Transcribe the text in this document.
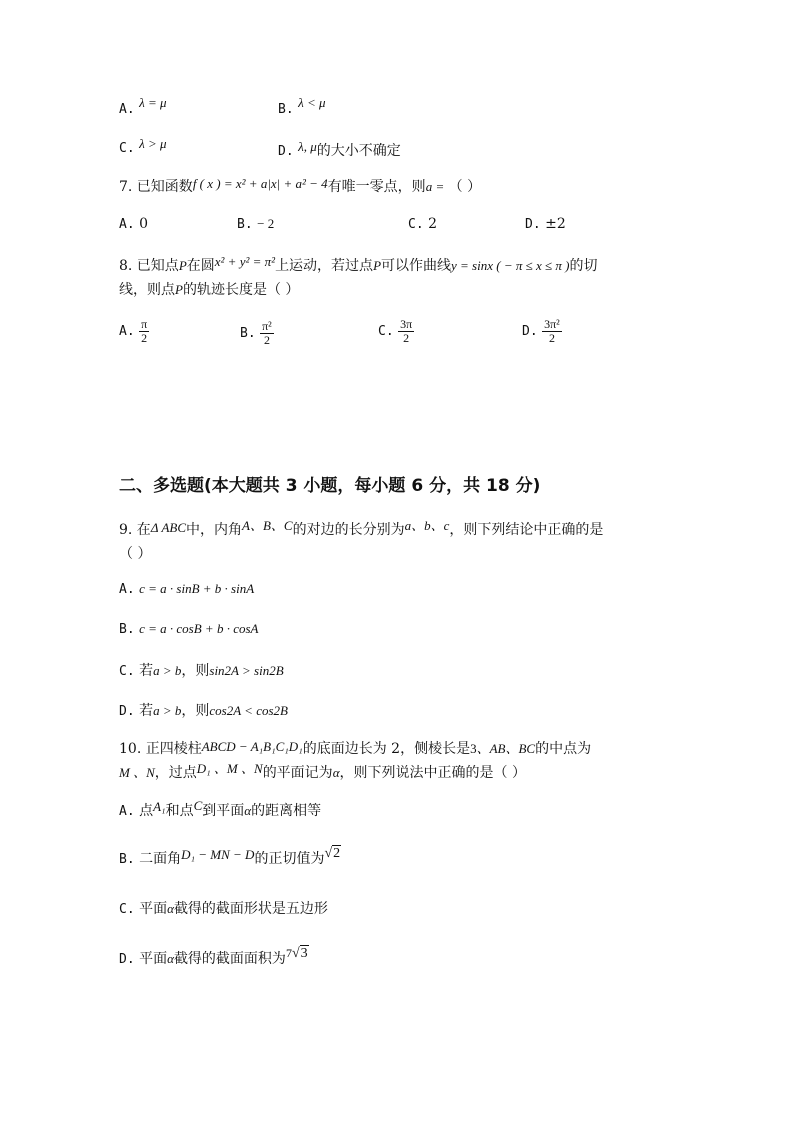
A. λ = μ	B. λ < μ
C. λ > μ
D. λ, μ的大小不确定
7. 已知函数f ( x ) = x² + a|x| + a² − 4有唯一零点，则a = （ ）
A. 0	B. − 2	C. 2	D. ±2
8. 已知点P在圆x² + y² = π²上运动，若过点P可以作曲线y = sinx ( − π ≤ x ≤ π )的切
线，则点P的轨迹长度是（ ）
A. $\frac{\pi}{2}$	B. $\frac{\text{π²}}{2}$	C. $\frac{3\pi}{2}$	D. $\frac{\text{3π²}}{2}$
二、多选题(本大题共 3 小题，每小题 6 分，共 18 分)
9. 在Δ ABC中，内角A、B、C的对边的长分别为a、b、c，则下列结论中正确的是
（ ）
A. c = a · sinB + b · sinA
B. c = a · cosB + b · cosA
C. 若a > b，则sin2A > sin2B
D. 若a > b，则cos2A < cos2B
10. 正四棱柱ABCD − A₁B₁C₁D₁的底面边长为 2，侧棱长是3、AB、BC的中点为
M 、N，过点D₁ 、M 、N的平面记为α，则下列说法中正确的是（ ）
A. 点A₁和点C到平面α的距离相等
B. 二面角D₁ − MN − D的正切值为√2
C. 平面α截得的截面形状是五边形
D. 平面α截得的截面面积为7√3
